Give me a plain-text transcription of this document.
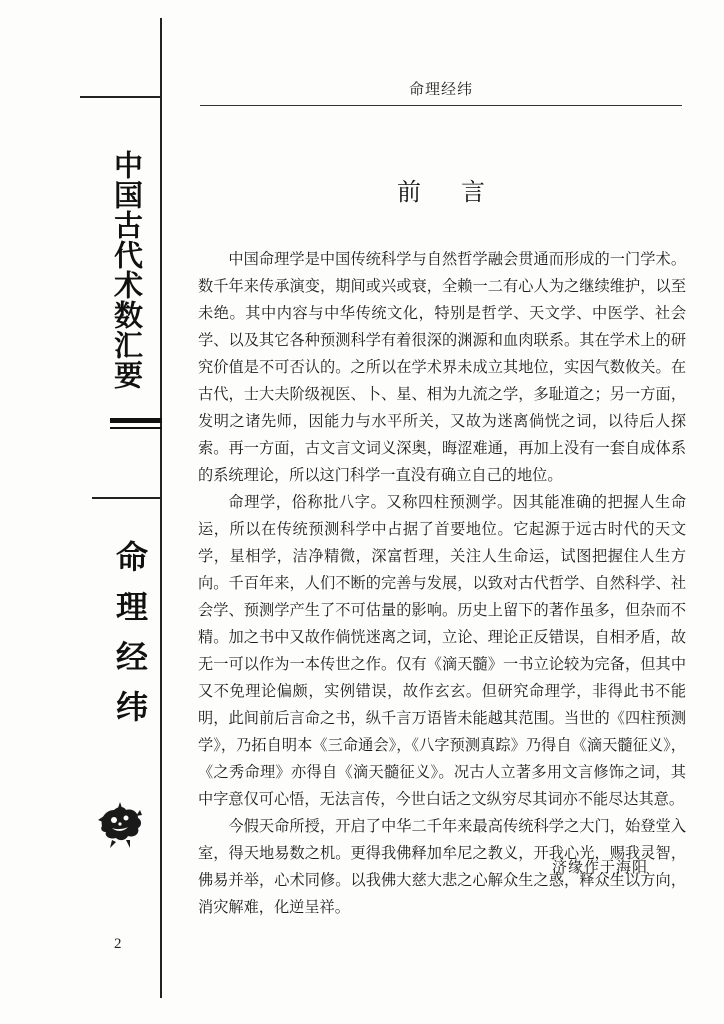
中国古代术数汇要
命理经纬
2
命理经纬
前言

中国命理学是中国传统科学与自然哲学融会贯通而形成的一门学术。数千年来传承演变，期间或兴或衰，全赖一二有心人为之继续维护，以至未绝。其中内容与中华传统文化，特别是哲学、天文学、中医学、社会学、以及其它各种预测科学有着很深的渊源和血肉联系。其在学术上的研究价值是不可否认的。之所以在学术界未成立其地位，实因气数攸关。在古代，士大夫阶级视医、卜、星、相为九流之学，多耻道之；另一方面，发明之诸先师，因能力与水平所关，又故为迷离倘恍之词，以待后人探索。再一方面，古文言文词义深奥，晦涩难通，再加上没有一套自成体系的系统理论，所以这门科学一直没有确立自己的地位。

命理学，俗称批八字。又称四柱预测学。因其能准确的把握人生命运，所以在传统预测科学中占据了首要地位。它起源于远古时代的天文学，星相学，洁净精微，深富哲理，关注人生命运，试图把握住人生方向。千百年来，人们不断的完善与发展，以致对古代哲学、自然科学、社会学、预测学产生了不可估量的影响。历史上留下的著作虽多，但杂而不精。加之书中又故作倘恍迷离之词，立论、理论正反错误，自相矛盾，故无一可以作为一本传世之作。仅有《滴天髓》一书立论较为完备，但其中又不免理论偏颇，实例错误，故作玄玄。但研究命理学，非得此书不能明，此间前后言命之书，纵千言万语皆未能越其范围。当世的《四柱预测学》，乃拓自明本《三命通会》，《八字预测真踪》乃得自《滴天髓征义》，《之秀命理》亦得自《滴天髓征义》。况古人立著多用文言修饰之词，其中字意仅可心悟，无法言传，今世白话之文纵穷尽其词亦不能尽达其意。

今假天命所授，开启了中华二千年来最高传统科学之大门，始登堂入室，得天地易数之机。更得我佛释加牟尼之教义，开我心光，赐我灵智，佛易并举，心术同修。以我佛大慈大悲之心解众生之惑，释众生以方向，消灾解难，化逆呈祥。

济缘作于海阳
